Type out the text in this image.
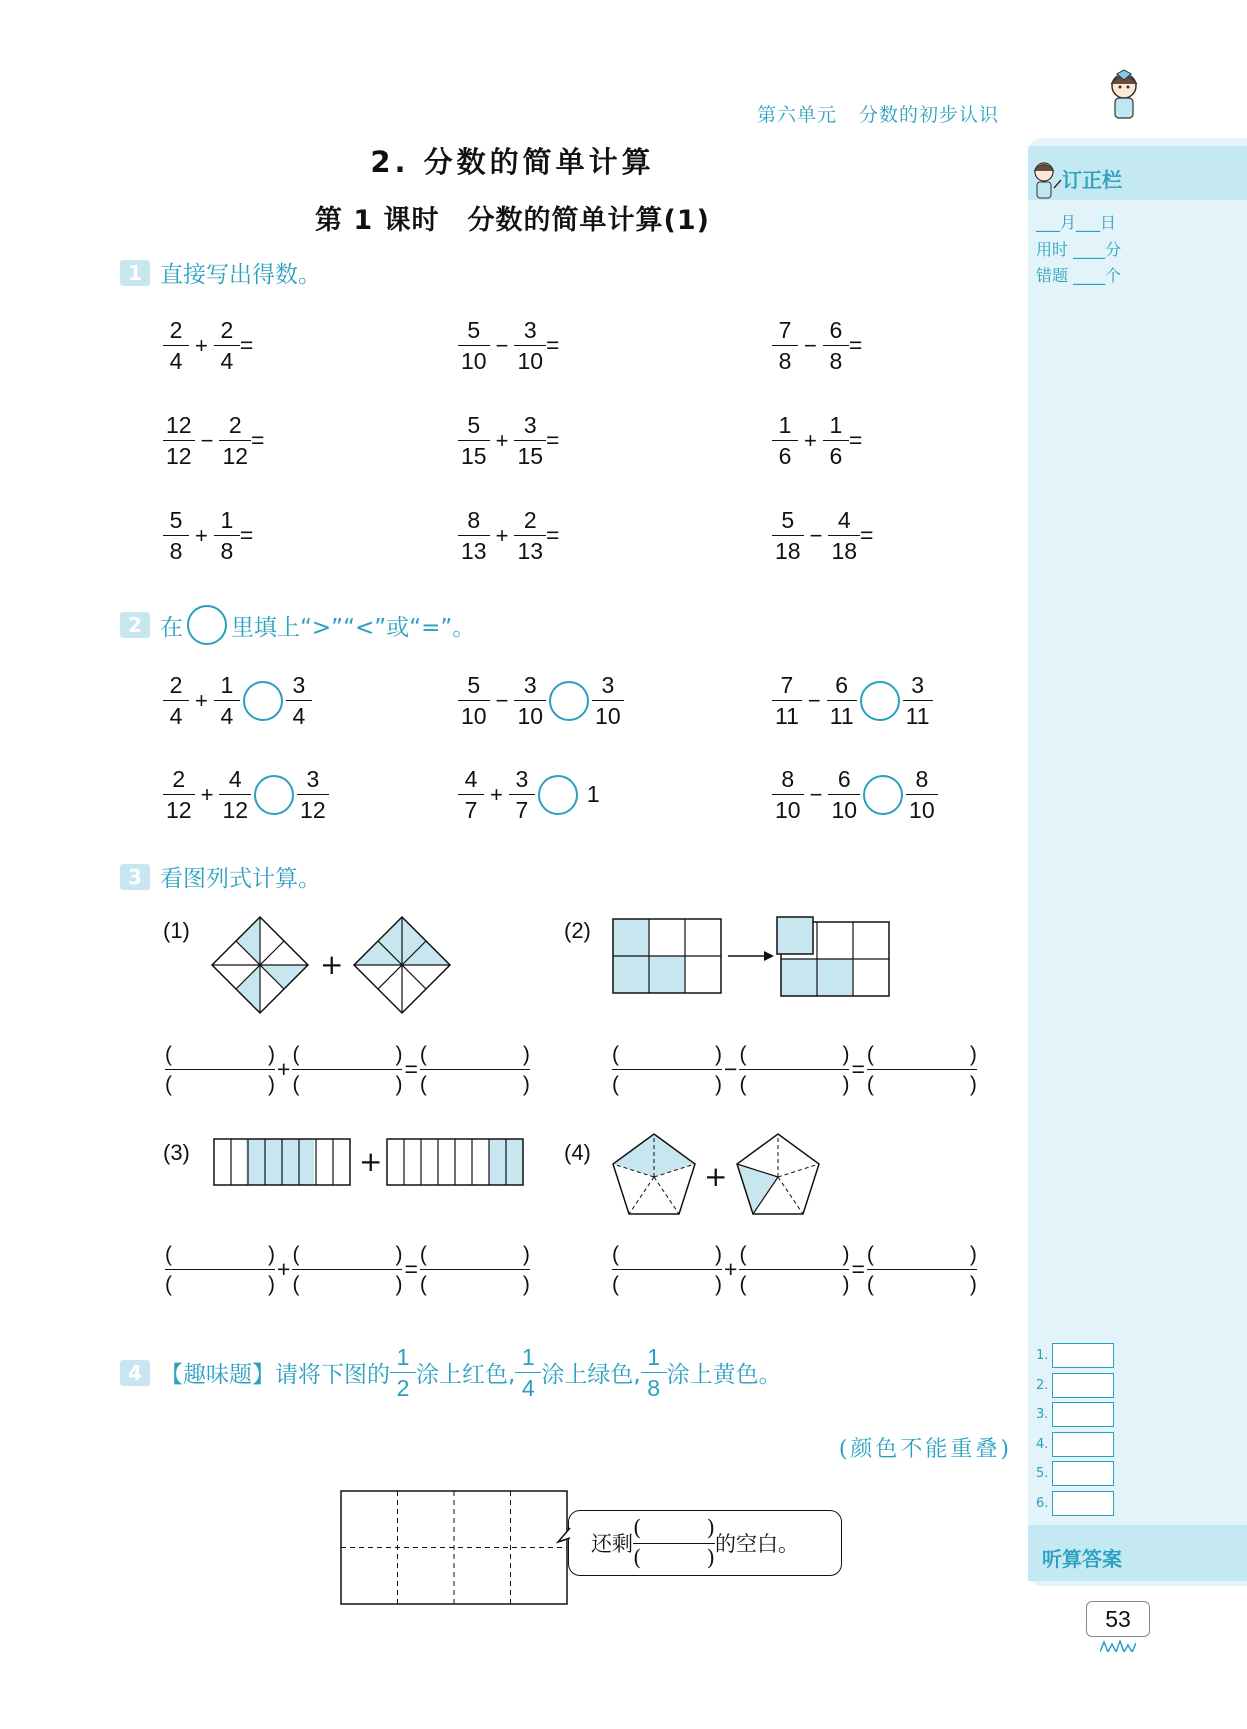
第六单元 分数的初步认识
2. 分数的简单计算
第 1 课时　分数的简单计算(1)
1 直接写出得数。
$\frac{2}{4} + \frac{2}{4}$ =	$\frac{5}{10} - \frac{3}{10}$ =	$\frac{7}{8} - \frac{6}{8}$ =
$\frac{12}{12} - \frac{2}{12}$ =	$\frac{5}{15} + \frac{3}{15}$ =	$\frac{1}{6} + \frac{1}{6}$ =
$\frac{5}{8} + \frac{1}{8}$ =	$\frac{8}{13} + \frac{2}{13}$ =	$\frac{5}{18} - \frac{4}{18}$ =
2 在 里填上“>”“<”或“=”。
$\frac{2}{4} + \frac{1}{4} \frac{3}{4}$	$\frac{5}{10} - \frac{3}{10} \frac{3}{10}$	$\frac{7}{11} - \frac{6}{11} \frac{3}{11}$
$\frac{2}{12} + \frac{4}{12} \frac{3}{12}$	$\frac{4}{7} + \frac{3}{7} 1$	$\frac{8}{10} - \frac{6}{10} \frac{8}{10}$
3 看图列式计算。
(1)
+
(2)
(	)
(	)
+
(	)
(	)
=
(	)
(	)
(	)
(	)
−
(	)
(	)
=
(	)
(	)
(	)
(	)
+
(	)
(	)
=
(	)
(	)
(	)
(	)
+
(	)
(	)
=
(	)
(	)
(3)	+	(4)
+
4 【趣味题】 请将下图的 $\frac{1}{2}$ 涂上红色, $\frac{1}{4}$ 涂上绿色, $\frac{1}{8}$ 涂上黄色。
(颜色不能重叠)
还剩
(	)
(	)
的空白。
订正栏
___月___日
用时 ____分
错题 ____个
1.
2.
3.
4.
5.
6.
听算答案
53
